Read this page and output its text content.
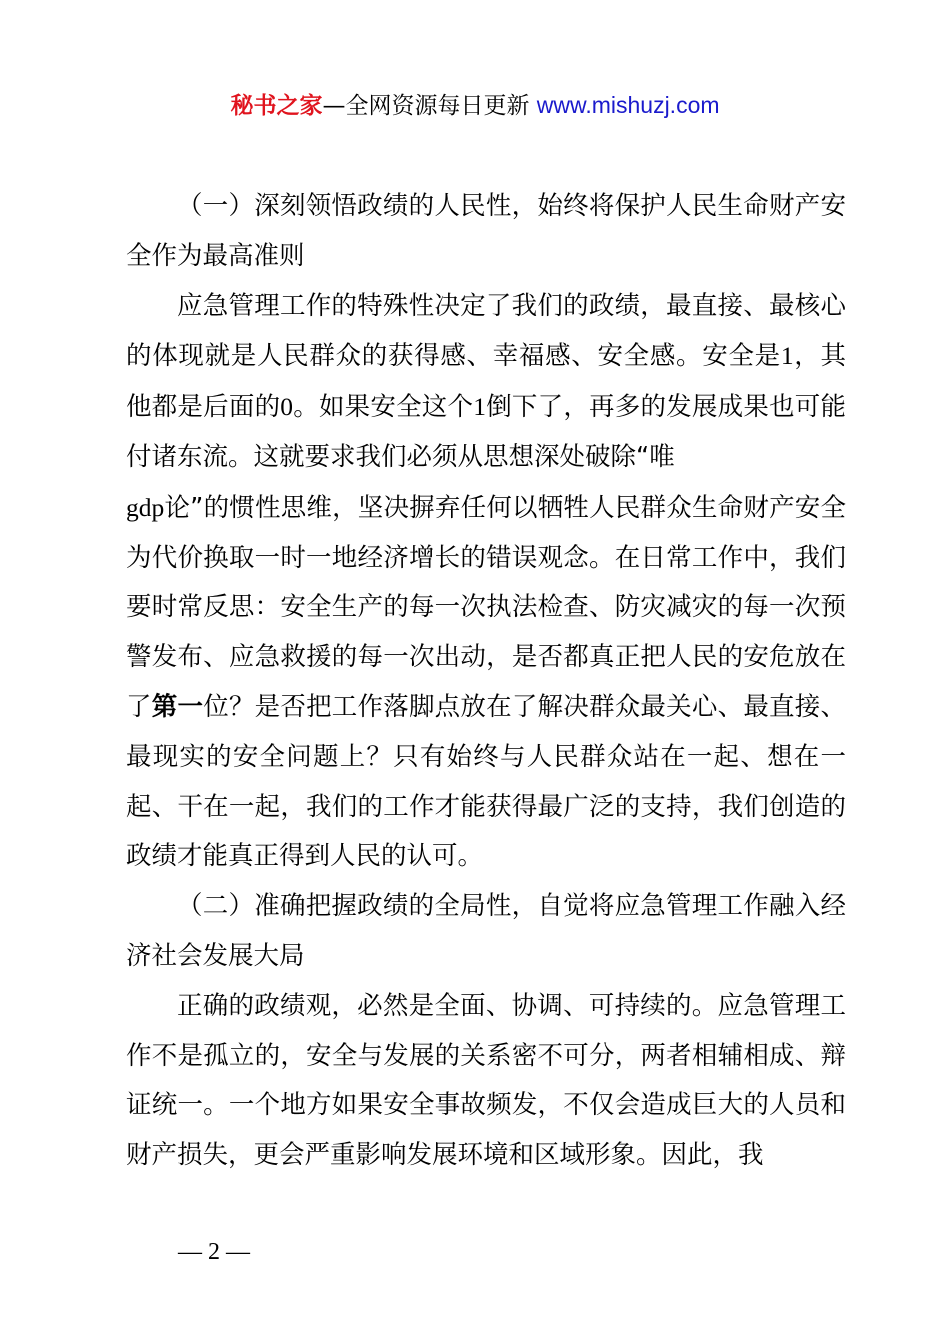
秘书之家—全网资源每日更新 www.mishuzj.com

（一）深刻领悟政绩的人民性，始终将保护人民生命财产安全作为最高准则

应急管理工作的特殊性决定了我们的政绩，最直接、最核心的体现就是人民群众的获得感、幸福感、安全感。安全是1，其他都是后面的0。如果安全这个1倒下了，再多的发展成果也可能付诸东流。这就要求我们必须从思想深处破除“唯
gdp论”的惯性思维，坚决摒弃任何以牺牲人民群众生命财产安全为代价换取一时一地经济增长的错误观念。在日常工作中，我们要时常反思：安全生产的每一次执法检查、防灾减灾的每一次预警发布、应急救援的每一次出动，是否都真正把人民的安危放在了第一位？是否把工作落脚点放在了解决群众最关心、最直接、最现实的安全问题上？只有始终与人民群众站在一起、想在一起、干在一起，我们的工作才能获得最广泛的支持，我们创造的政绩才能真正得到人民的认可。

（二）准确把握政绩的全局性，自觉将应急管理工作融入经济社会发展大局

正确的政绩观，必然是全面、协调、可持续的。应急管理工作不是孤立的，安全与发展的关系密不可分，两者相辅相成、辩证统一。一个地方如果安全事故频发，不仅会造成巨大的人员和财产损失，更会严重影响发展环境和区域形象。因此，我

— 2 —
